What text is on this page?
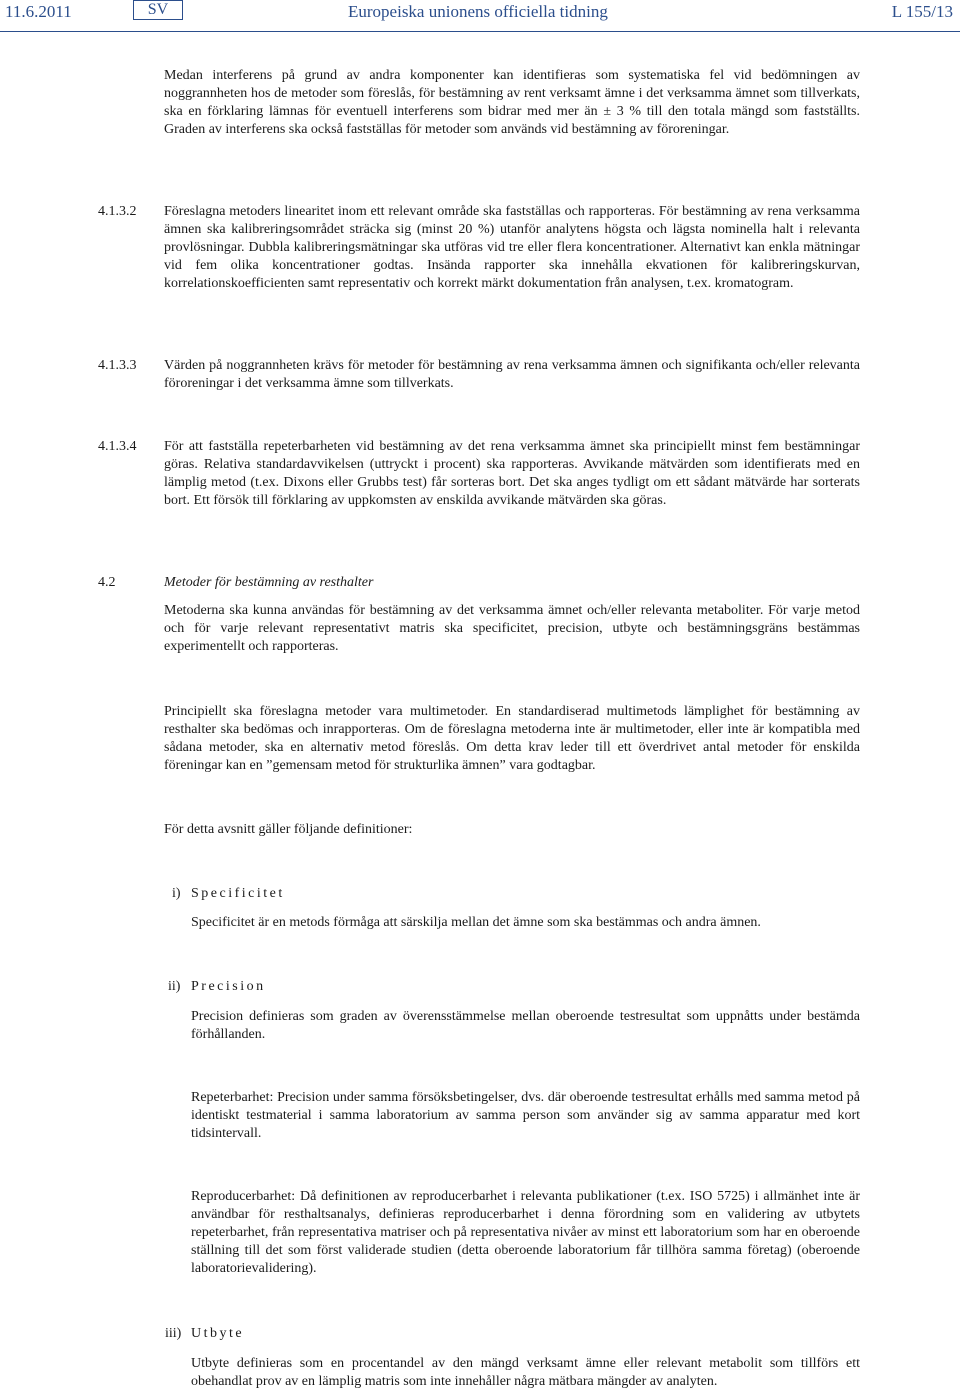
11.6.2011	SV	Europeiska unionens officiella tidning	L 155/13

Medan interferens på grund av andra komponenter kan identifieras som systematiska fel vid bedömningen av noggrannheten hos de metoder som föreslås, för bestämning av rent verksamt ämne i det verksamma ämnet som tillverkats, ska en förklaring lämnas för eventuell interferens som bidrar med mer än ± 3 % till den totala mängd som fastställts. Graden av interferens ska också fastställas för metoder som används vid bestämning av föroreningar.

4.1.3.2 Föreslagna metoders linearitet inom ett relevant område ska fastställas och rapporteras. För bestämning av rena verksamma ämnen ska kalibreringsområdet sträcka sig (minst 20 %) utanför analytens högsta och lägsta nominella halt i relevanta provlösningar. Dubbla kalibreringsmätningar ska utföras vid tre eller flera koncentrationer. Alternativt kan enkla mätningar vid fem olika koncentrationer godtas. Insända rapporter ska innehålla ekvationen för kalibreringskurvan, korrelationskoefficienten samt representativ och korrekt märkt dokumentation från analysen, t.ex. kromatogram.

4.1.3.3 Värden på noggrannheten krävs för metoder för bestämning av rena verksamma ämnen och signifikanta och/eller relevanta föroreningar i det verksamma ämne som tillverkats.

4.1.3.4 För att fastställa repeterbarheten vid bestämning av det rena verksamma ämnet ska principiellt minst fem bestämningar göras. Relativa standardavvikelsen (uttryckt i procent) ska rapporteras. Avvikande mätvärden som identifierats med en lämplig metod (t.ex. Dixons eller Grubbs test) får sorteras bort. Det ska anges tydligt om ett sådant mätvärde har sorterats bort. Ett försök till förklaring av uppkomsten av enskilda avvikande mätvärden ska göras.

4.2	Metoder för bestämning av resthalter

Metoderna ska kunna användas för bestämning av det verksamma ämnet och/eller relevanta metaboliter. För varje metod och för varje relevant representativt matris ska specificitet, precision, utbyte och bestämningsgräns bestämmas experimentellt och rapporteras.

Principiellt ska föreslagna metoder vara multimetoder. En standardiserad multimetods lämplighet för bestämning av resthalter ska bedömas och inrapporteras. Om de föreslagna metoderna inte är multimetoder, eller inte är kompatibla med sådana metoder, ska en alternativ metod föreslås. Om detta krav leder till ett överdrivet antal metoder för enskilda föreningar kan en ”gemensam metod för strukturlika ämnen” vara godtagbar.

För detta avsnitt gäller följande definitioner:

i) Specificitet

Specificitet är en metods förmåga att särskilja mellan det ämne som ska bestämmas och andra ämnen.

ii) Precision

Precision definieras som graden av överensstämmelse mellan oberoende testresultat som uppnåtts under bestämda förhållanden.

Repeterbarhet: Precision under samma försöksbetingelser, dvs. där oberoende testresultat erhålls med samma metod på identiskt testmaterial i samma laboratorium av samma person som använder sig av samma apparatur med kort tidsintervall.

Reproducerbarhet: Då definitionen av reproducerbarhet i relevanta publikationer (t.ex. ISO 5725) i allmänhet inte är användbar för resthaltsanalys, definieras reproducerbarhet i denna förordning som en validering av utbytets repeterbarhet, från representativa matriser och på representativa nivåer av minst ett laboratorium som har en oberoende ställning till det som först validerade studien (detta oberoende laboratorium får tillhöra samma företag) (oberoende laboratorievalidering).

iii) Utbyte

Utbyte definieras som en procentandel av den mängd verksamt ämne eller relevant metabolit som tillförs ett obehandlat prov av en lämplig matris som inte innehåller några mätbara mängder av analyten.
